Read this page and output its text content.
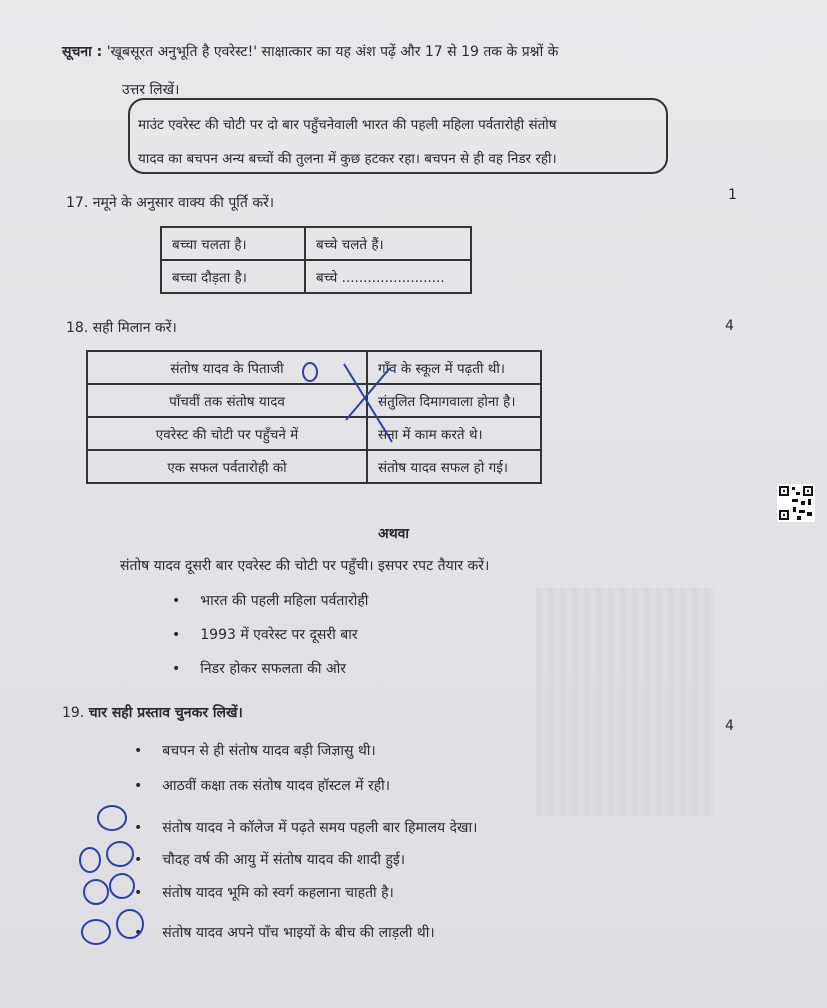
सूचना : 'खूबसूरत अनुभूति है एवरेस्ट!' साक्षात्कार का यह अंश पढ़ें और 17 से 19 तक के प्रश्नों के
उत्तर लिखें।
माउंट एवरेस्ट की चोटी पर दो बार पहुँचनेवाली भारत की पहली महिला पर्वतारोही संतोष
यादव का बचपन अन्य बच्चों की तुलना में कुछ हटकर रहा। बचपन से ही वह निडर रही।
17. नमूने के अनुसार वाक्य की पूर्ति करें।	1
बच्चा चलता है।	बच्चे चलते हैं।
बच्चा दौड़ता है।	बच्चे ........................
18. सही मिलान करें।	4
संतोष यादव के पिताजी	गाँव के स्कूल में पढ़ती थी।
पाँचवीं तक संतोष यादव	संतुलित दिमागवाला होना है।
एवरेस्ट की चोटी पर पहुँचने में	सेना में काम करते थे।
एक सफल पर्वतारोही को	संतोष यादव सफल हो गई।
अथवा
संतोष यादव दूसरी बार एवरेस्ट की चोटी पर पहुँची। इसपर रपट तैयार करें।
• भारत की पहली महिला पर्वतारोही
• 1993 में एवरेस्ट पर दूसरी बार
• निडर होकर सफलता की ओर
19. चार सही प्रस्ताव चुनकर लिखें।
4
• बचपन से ही संतोष यादव बड़ी जिज्ञासु थी।
• आठवीं कक्षा तक संतोष यादव हॉस्टल में रही।
• संतोष यादव ने कॉलेज में पढ़ते समय पहली बार हिमालय देखा।
• चौदह वर्ष की आयु में संतोष यादव की शादी हुई।
• संतोष यादव भूमि को स्वर्ग कहलाना चाहती है।
• संतोष यादव अपने पाँच भाइयों के बीच की लाड़ली थी।
